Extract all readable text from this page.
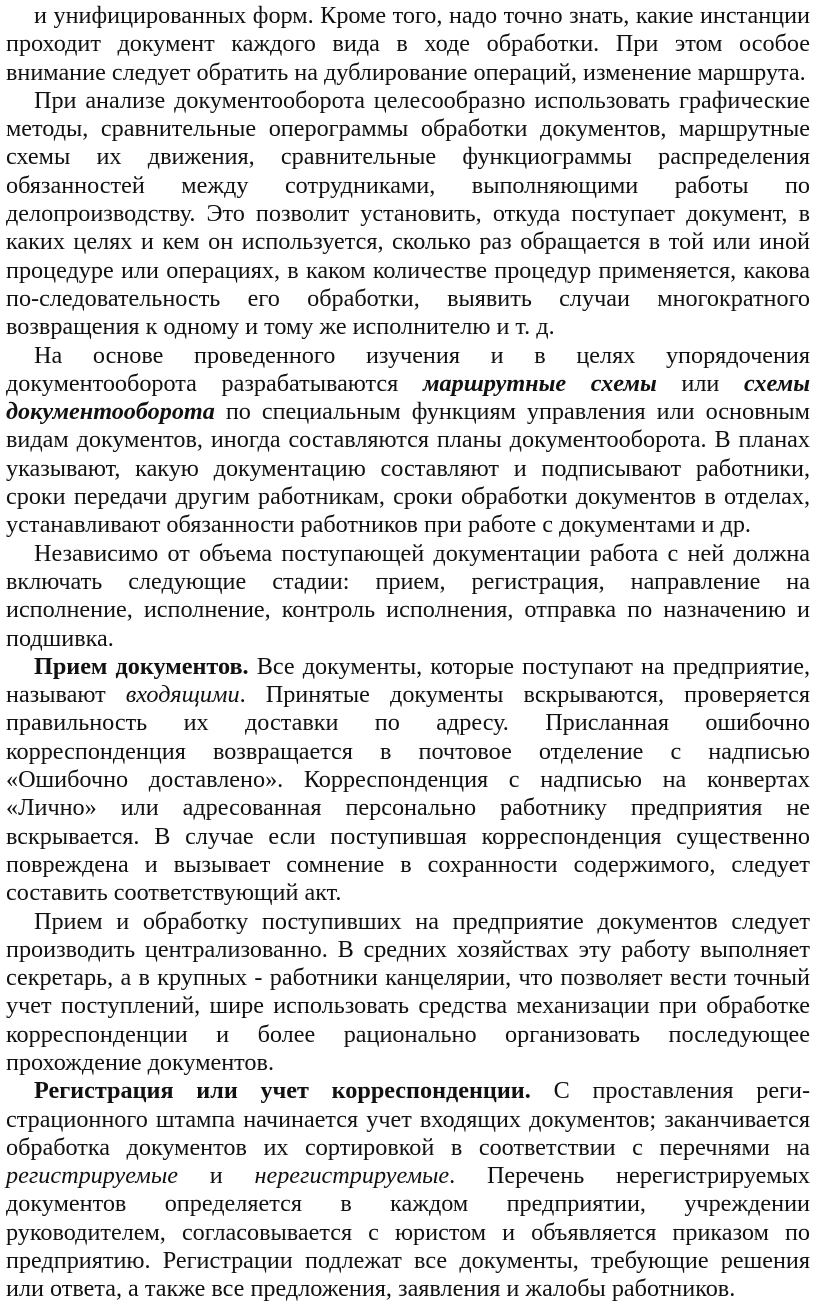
и унифицированных форм. Кроме того, надо точно знать, какие инстанции проходит документ каждого вида в ходе обработки. При этом особое внимание следует обратить на дублирование операций, изменение маршрута.

При анализе документооборота целесообразно использовать графические методы, сравнительные оперограммы обработки документов, маршрутные схемы их движения, сравнительные функциограммы распределения обязанностей между сотрудниками, выполняющими работы по делопроизводству. Это позволит установить, откуда поступает документ, в каких целях и кем он используется, сколько раз обращается в той или иной процедуре или операциях, в каком количестве процедур применяется, какова по-следовательность его обработки, выявить случаи многократного возвращения к одному и тому же исполнителю и т. д.

На основе проведенного изучения и в целях упорядочения документооборота разрабатываются маршрутные схемы или схемы документооборота по специальным функциям управления или основным видам документов, иногда составляются планы документооборота. В планах указывают, какую документацию составляют и подписывают работники, сроки передачи другим работникам, сроки обработки документов в отделах, устанавливают обязанности работников при работе с документами и др.

Независимо от объема поступающей документации работа с ней должна включать следующие стадии: прием, регистрация, направление на исполнение, исполнение, контроль исполнения, отправка по назначению и подшивка.

Прием документов. Все документы, которые поступают на предприятие, называют входящими. Принятые документы вскрываются, проверяется правильность их доставки по адресу. Присланная ошибочно корреспонденция возвращается в почтовое отделение с надписью «Ошибочно доставлено». Корреспонденция с надписью на конвертах «Лично» или адресованная персонально работнику предприятия не вскрывается. В случае если поступившая корреспонденция существенно повреждена и вызывает сомнение в сохранности содержимого, следует составить соответствующий акт.

Прием и обработку поступивших на предприятие документов следует производить централизованно. В средних хозяйствах эту работу выполняет секретарь, а в крупных - работники канцелярии, что позволяет вести точный учет поступлений, шире использовать средства механизации при обработке корреспонденции и более рационально организовать последующее прохождение документов.

Регистрация или учет корреспонденции. С проставления реги-страционного штампа начинается учет входящих документов; заканчивается обработка документов их сортировкой в соответствии с перечнями на регистрируемые и нерегистрируемые. Перечень нерегистрируемых документов определяется в каждом предприятии, учреждении руководителем, согласовывается с юристом и объявляется приказом по предприятию. Регистрации подлежат все документы, требующие решения или ответа, а также все предложения, заявления и жалобы работников.
